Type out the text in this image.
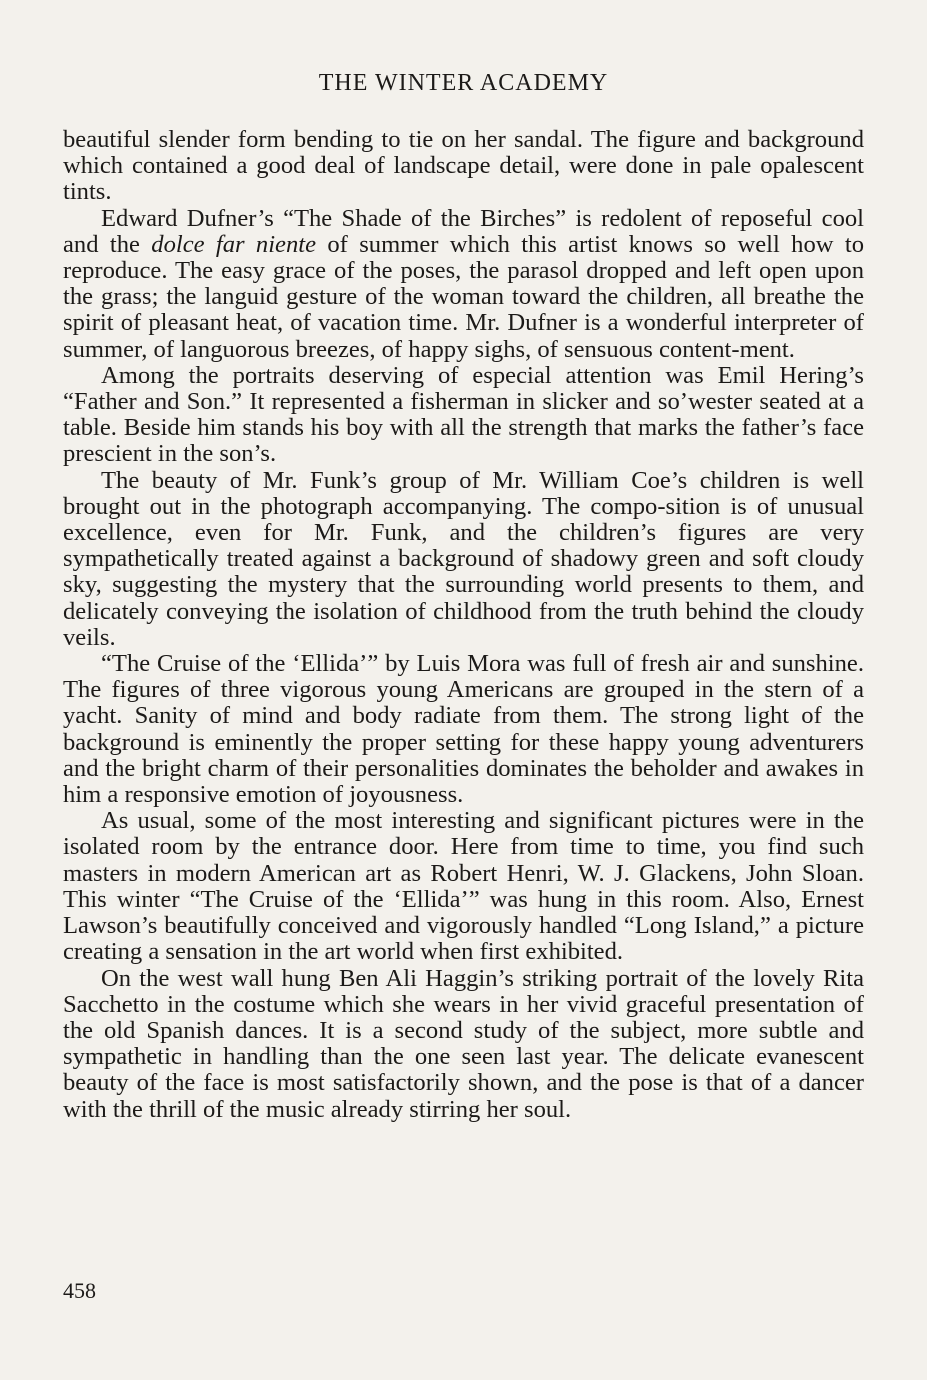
THE WINTER ACADEMY

beautiful slender form bending to tie on her sandal. The figure and background which contained a good deal of landscape detail, were done in pale opalescent tints.

Edward Dufner’s “The Shade of the Birches” is redolent of reposeful cool and the dolce far niente of summer which this artist knows so well how to reproduce. The easy grace of the poses, the parasol dropped and left open upon the grass; the languid gesture of the woman toward the children, all breathe the spirit of pleasant heat, of vacation time. Mr. Dufner is a wonderful interpreter of summer, of languorous breezes, of happy sighs, of sensuous content-ment.

Among the portraits deserving of especial attention was Emil Hering’s “Father and Son.” It represented a fisherman in slicker and so’wester seated at a table. Beside him stands his boy with all the strength that marks the father’s face prescient in the son’s.

The beauty of Mr. Funk’s group of Mr. William Coe’s children is well brought out in the photograph accompanying. The compo-sition is of unusual excellence, even for Mr. Funk, and the children’s figures are very sympathetically treated against a background of shadowy green and soft cloudy sky, suggesting the mystery that the surrounding world presents to them, and delicately conveying the isolation of childhood from the truth behind the cloudy veils.

“The Cruise of the ‘Ellida’” by Luis Mora was full of fresh air and sunshine. The figures of three vigorous young Americans are grouped in the stern of a yacht. Sanity of mind and body radiate from them. The strong light of the background is eminently the proper setting for these happy young adventurers and the bright charm of their personalities dominates the beholder and awakes in him a responsive emotion of joyousness.

As usual, some of the most interesting and significant pictures were in the isolated room by the entrance door. Here from time to time, you find such masters in modern American art as Robert Henri, W. J. Glackens, John Sloan. This winter “The Cruise of the ‘Ellida’” was hung in this room. Also, Ernest Lawson’s beautifully conceived and vigorously handled “Long Island,” a picture creating a sensation in the art world when first exhibited.

On the west wall hung Ben Ali Haggin’s striking portrait of the lovely Rita Sacchetto in the costume which she wears in her vivid graceful presentation of the old Spanish dances. It is a second study of the subject, more subtle and sympathetic in handling than the one seen last year. The delicate evanescent beauty of the face is most satisfactorily shown, and the pose is that of a dancer with the thrill of the music already stirring her soul.

458
